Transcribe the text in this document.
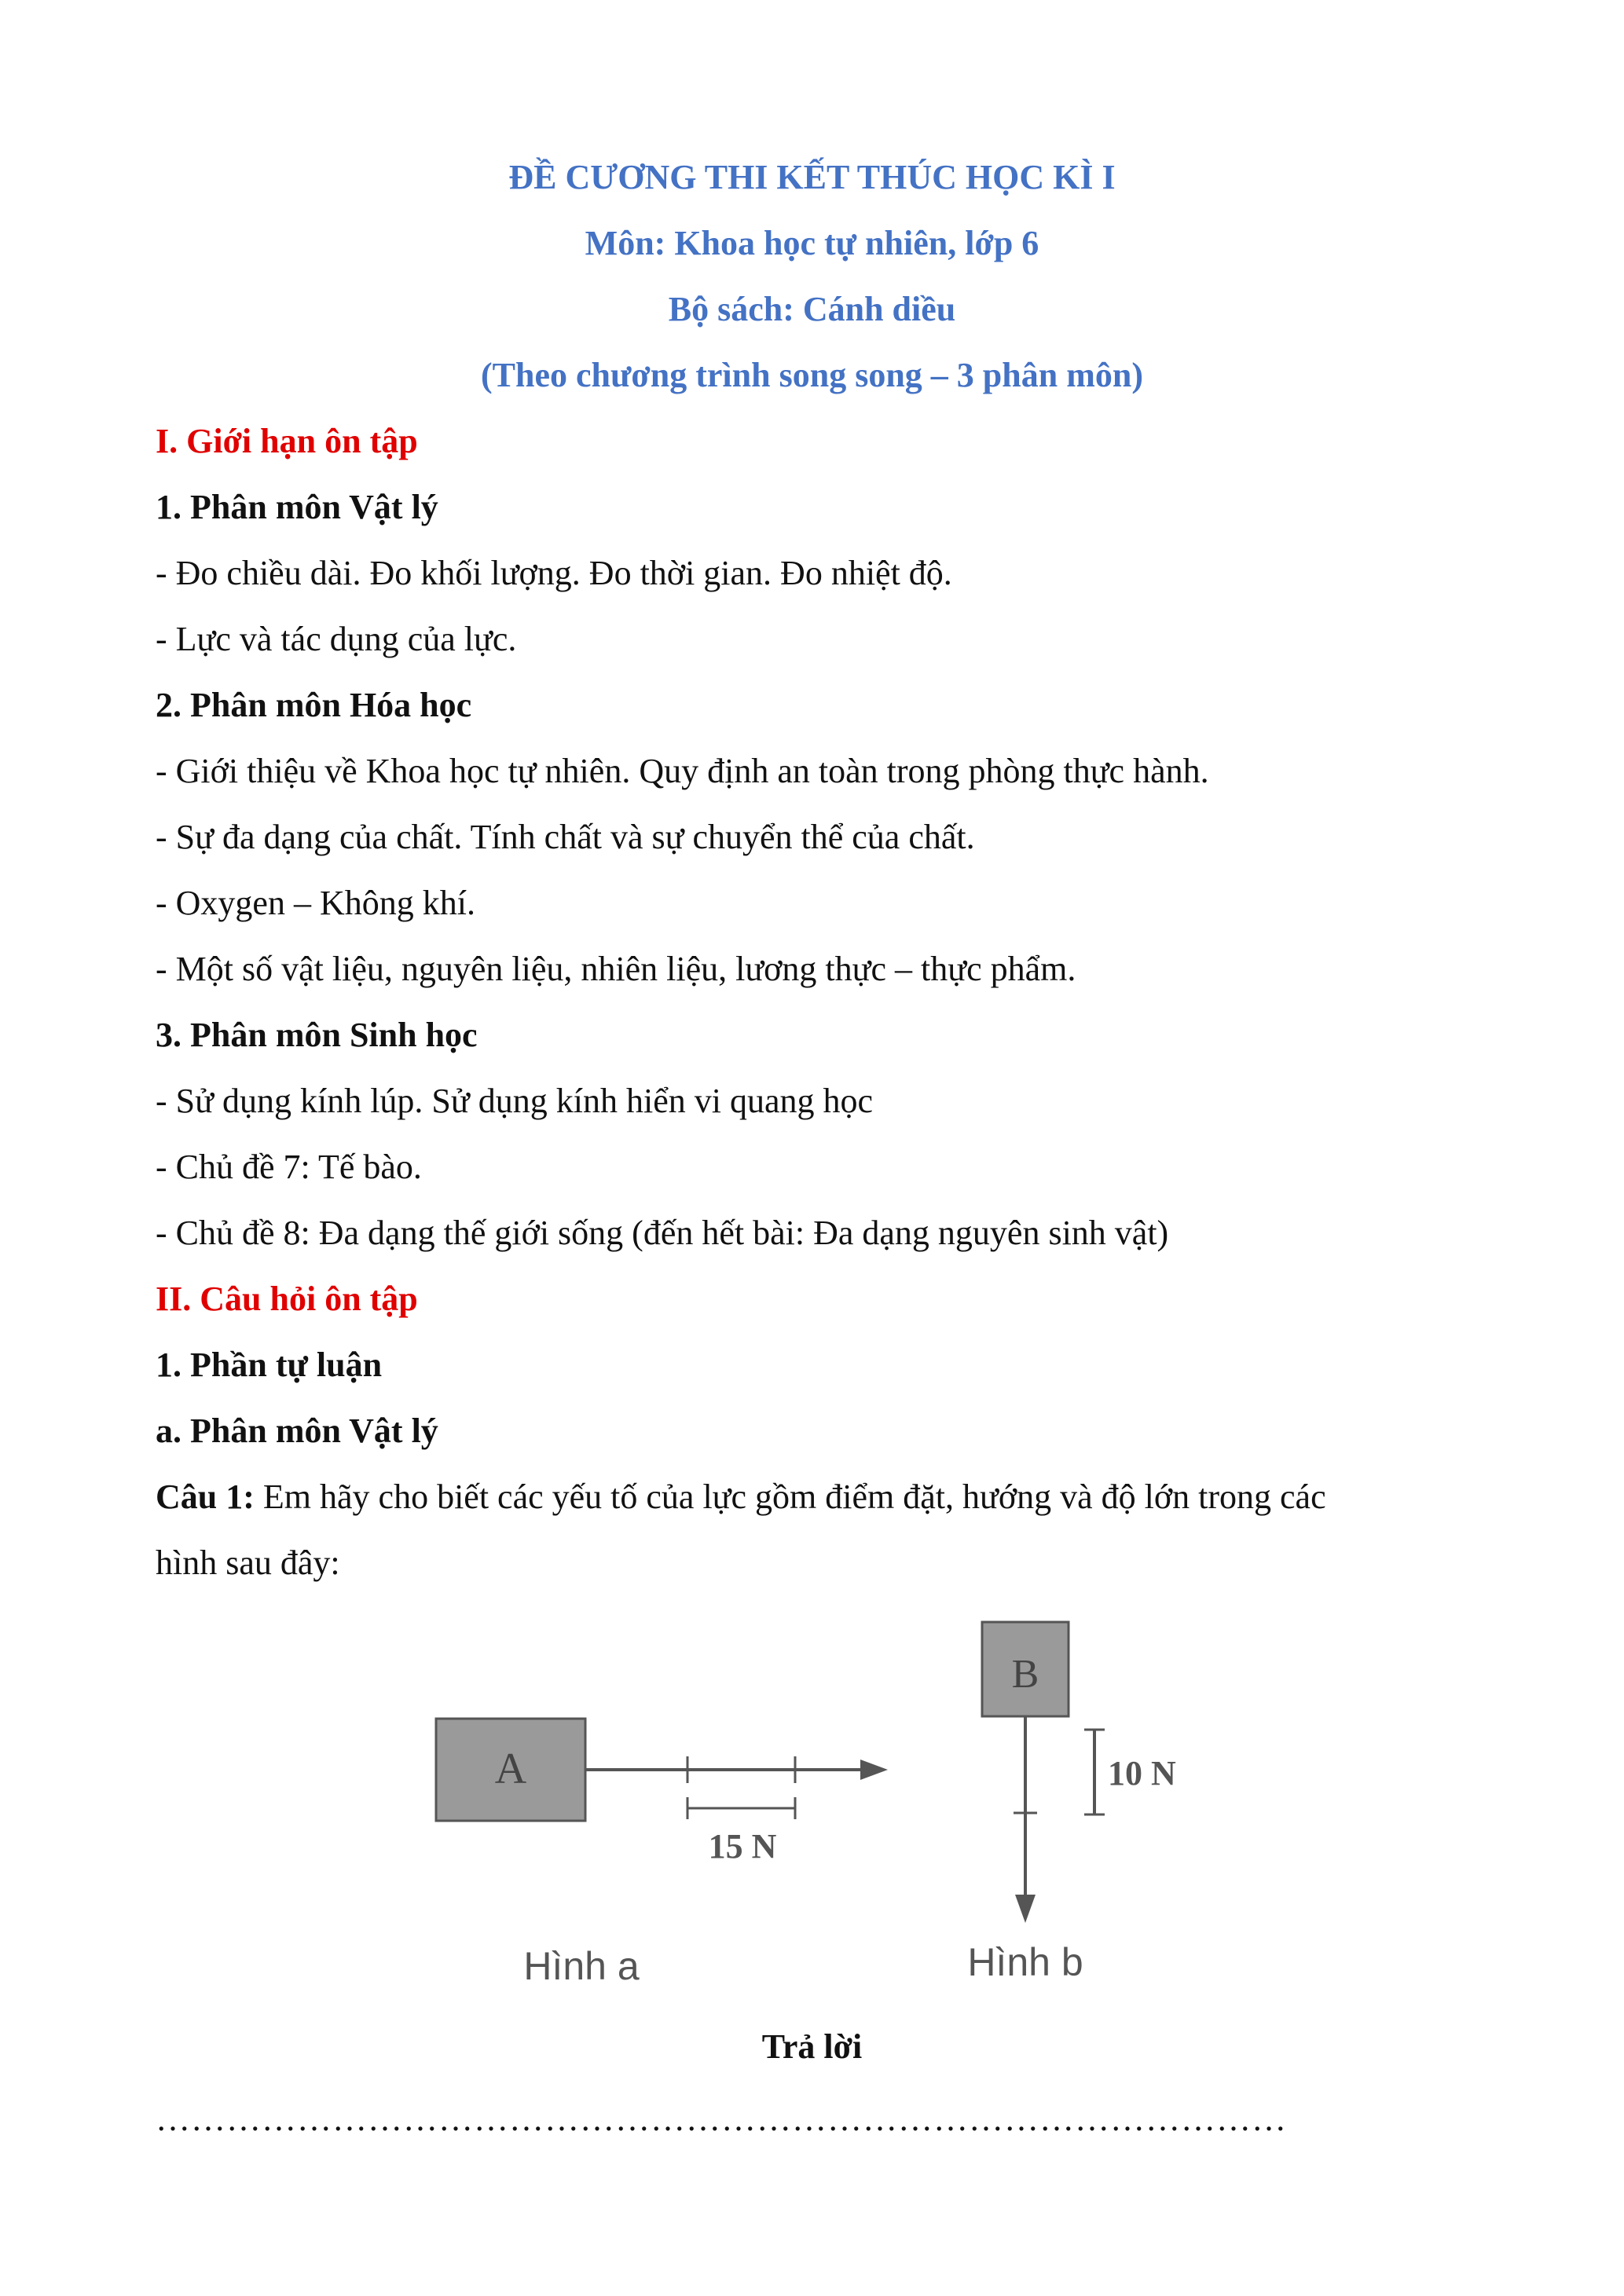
ĐỀ CƯƠNG THI KẾT THÚC HỌC KÌ I
Môn: Khoa học tự nhiên, lớp 6
Bộ sách: Cánh diều
(Theo chương trình song song – 3 phân môn)
I. Giới hạn ôn tập
1. Phân môn Vật lý
- Đo chiều dài. Đo khối lượng. Đo thời gian. Đo nhiệt độ.
- Lực và tác dụng của lực.
2. Phân môn Hóa học
- Giới thiệu về Khoa học tự nhiên. Quy định an toàn trong phòng thực hành.
- Sự đa dạng của chất. Tính chất và sự chuyển thể của chất.
- Oxygen – Không khí.
- Một số vật liệu, nguyên liệu, nhiên liệu, lương thực – thực phẩm.
3. Phân môn Sinh học
- Sử dụng kính lúp. Sử dụng kính hiển vi quang học
- Chủ đề 7: Tế bào.
- Chủ đề 8: Đa dạng thế giới sống (đến hết bài: Đa dạng nguyên sinh vật)
II. Câu hỏi ôn tập
1. Phần tự luận
a. Phân môn Vật lý
Câu 1: Em hãy cho biết các yếu tố của lực gồm điểm đặt, hướng và độ lớn trong các
hình sau đây:
A
15 N
Hình a
B
10 N
Hình b
Trả lời
……………………………………………………………………………………
